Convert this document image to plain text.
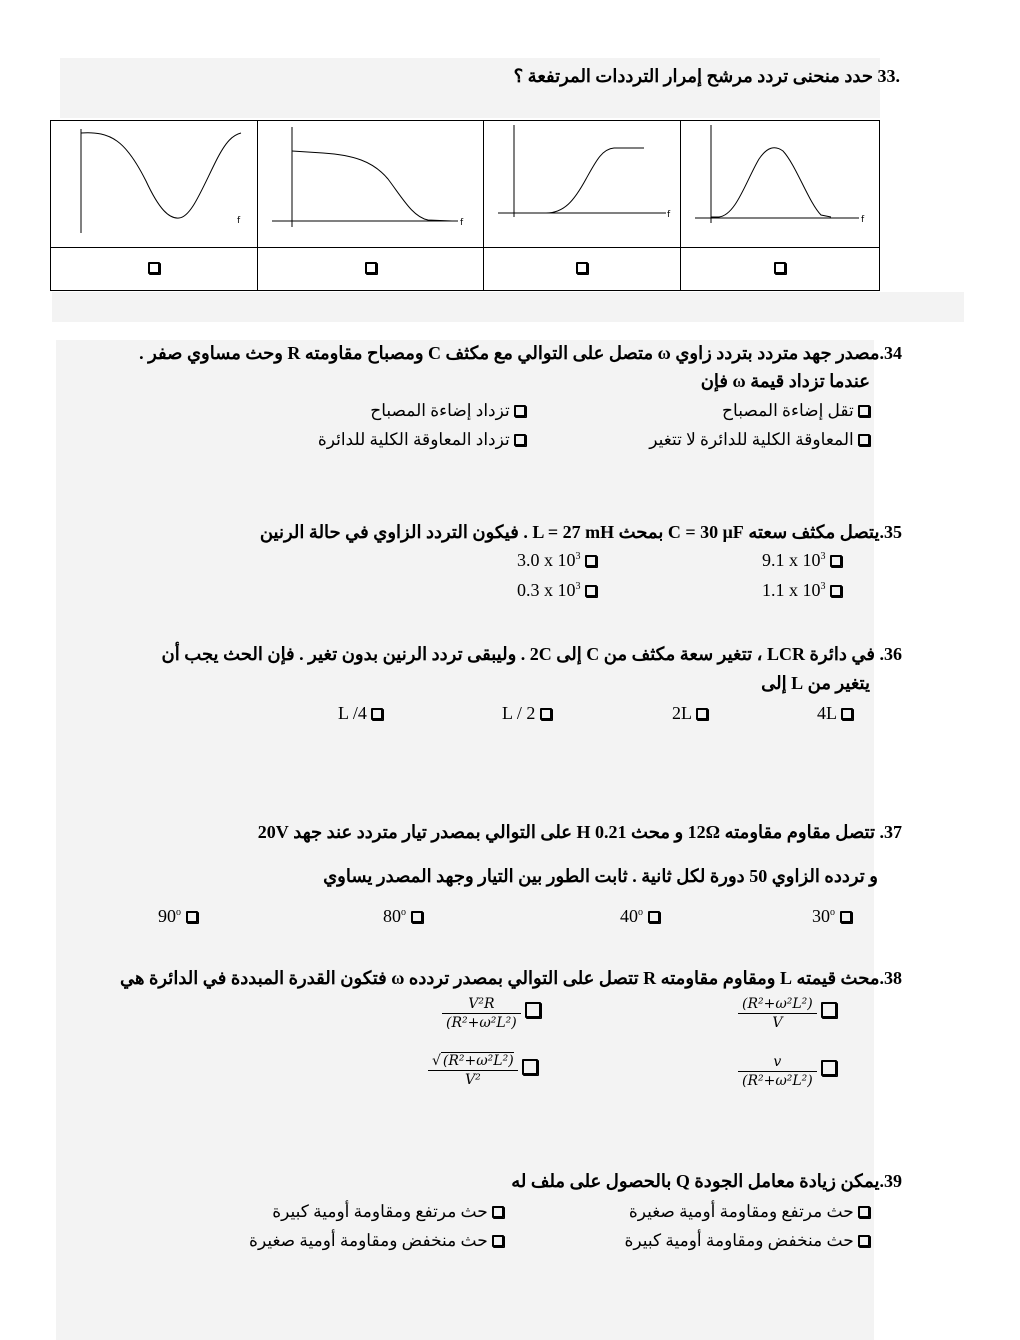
33. حدد منحنى تردد مرشح إمرار الترددات المرتفعة ؟
f	f	f	f

.34مصدر جهد متردد بتردد زاوي ω متصل على التوالي مع مكثف C ومصباح مقاومته R وحث مساوي صفر .
عندما تزداد قيمة ω فإن
تقل إضاءة المصباح
تزداد إضاءة المصباح
المعاوقة الكلية للدائرة لا تتغير
تزداد المعاوقة الكلية للدائرة
.35يتصل مكثف سعته C = 30 μF بمحث L = 27 mH . فيكون التردد الزاوي في حالة الرنين
9.1 x $10^3$
3.0 x $10^3$
1.1 x $10^3$
0.3 x $10^3$
.36 في دائرة LCR ، تتغير سعة مكثف من C إلى 2C . وليبقى تردد الرنين بدون تغير . فإن الحث يجب أن
يتغير من L إلى
4L
2L
L / 2
L /4
.37 تتصل مقاوم مقاومته 12Ω و محث 0.21 H على التوالي بمصدر تيار متردد عند جهد 20V
و تردده الزاوي 50 دورة لكل ثانية . ثابت الطور بين التيار وجهد المصدر يساوي
30$^o$
40$^o$
80$^o$
90$^o$
.38محث قيمته L ومقاوم مقاومته R تتصل على التوالي بمصدر تردده ω فتكون القدرة المبددة في الدائرة هي
$\frac{\text{(R²+ω²L²)}}{V}$

$\frac{\text{V²R}}{\text{(R²+ω²L²)}}$

$\frac{v}{\text{(R²+ω²L²)}}$

√ $\frac{\text{(R²+ω²L²)}}{\text{V²}}$

.39يمكن زيادة معامل الجودة Q بالحصول على ملف له
حث مرتفع ومقاومة أومية صغيرة
حث مرتفع ومقاومة أومية كبيرة
حث منخفض ومقاومة أومية كبيرة
حث منخفض ومقاومة أومية صغيرة
